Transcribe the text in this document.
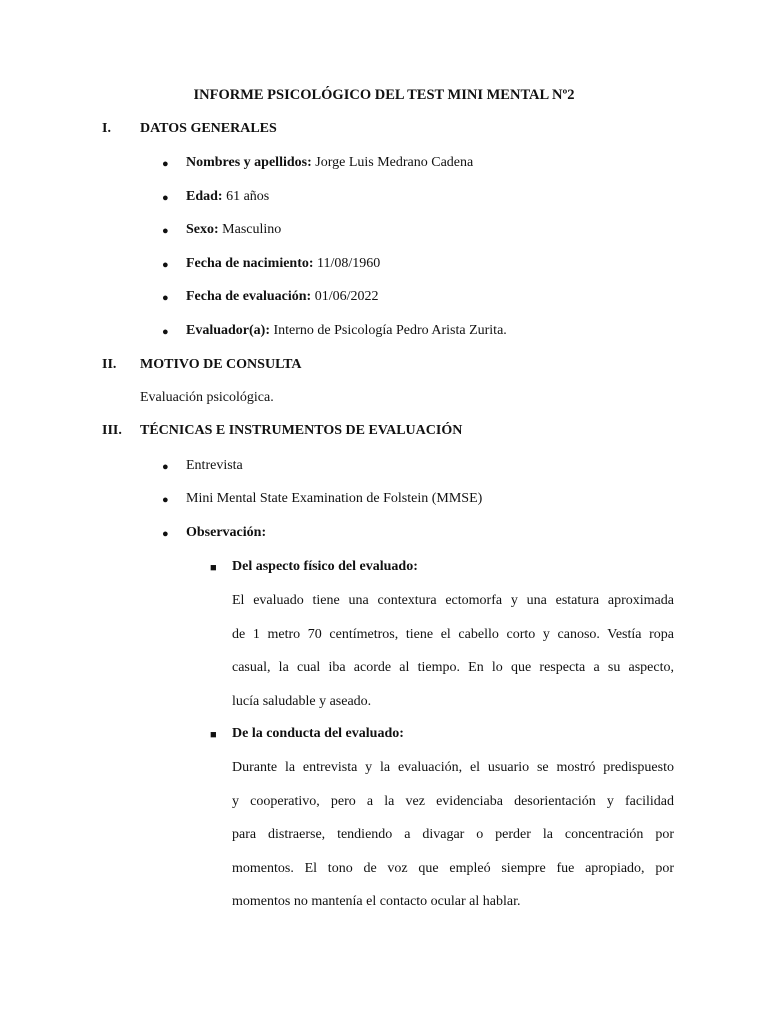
INFORME PSICOLÓGICO DEL TEST MINI MENTAL Nº2
I. DATOS GENERALES
● Nombres y apellidos: Jorge Luis Medrano Cadena
● Edad: 61 años
● Sexo: Masculino
● Fecha de nacimiento: 11/08/1960
● Fecha de evaluación: 01/06/2022
● Evaluador(a): Interno de Psicología Pedro Arista Zurita.
II. MOTIVO DE CONSULTA
Evaluación psicológica.
III. TÉCNICAS E INSTRUMENTOS DE EVALUACIÓN
● Entrevista
● Mini Mental State Examination de Folstein (MMSE)
● Observación:
■ Del aspecto físico del evaluado:
El evaluado tiene una contextura ectomorfa y una estatura aproximada
de 1 metro 70 centímetros, tiene el cabello corto y canoso. Vestía ropa
casual, la cual iba acorde al tiempo. En lo que respecta a su aspecto,
lucía saludable y aseado.
■ De la conducta del evaluado:
Durante la entrevista y la evaluación, el usuario se mostró predispuesto
y cooperativo, pero a la vez evidenciaba desorientación y facilidad
para distraerse, tendiendo a divagar o perder la concentración por
momentos. El tono de voz que empleó siempre fue apropiado, por
momentos no mantenía el contacto ocular al hablar.
